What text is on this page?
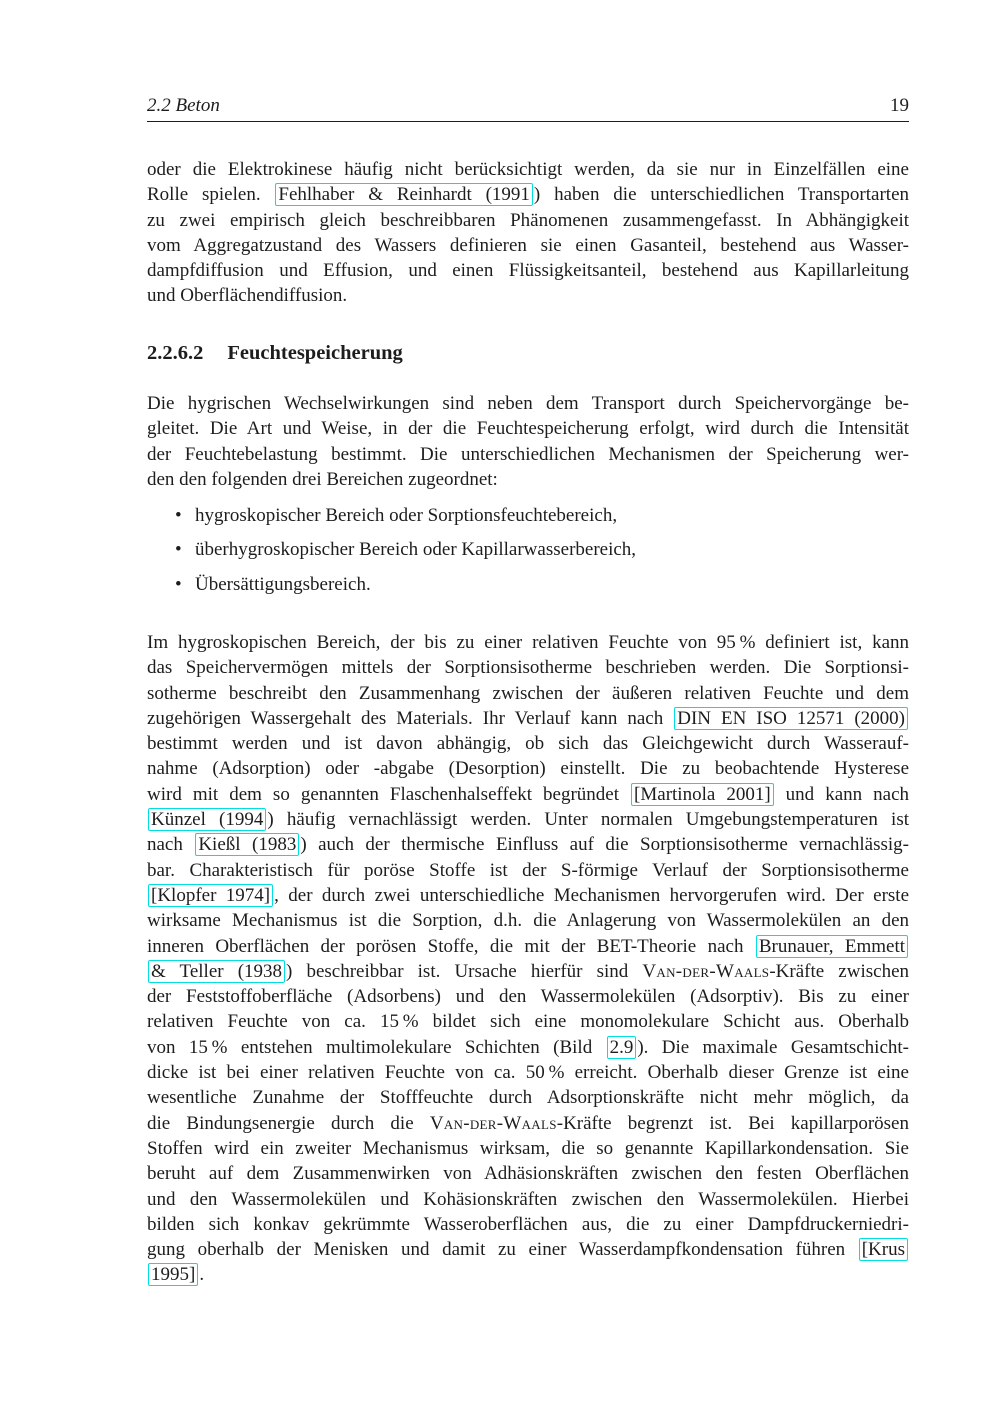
2.2 Beton	19
oder die Elektrokinese häufig nicht berücksichtigt werden, da sie nur in Einzelfällen eine
Rolle spielen. Fehlhaber & Reinhardt (1991 ) haben die unterschiedlichen Transportarten
zu zwei empirisch gleich beschreibbaren Phänomenen zusammengefasst. In Abhängigkeit
vom Aggregatzustand des Wassers definieren sie einen Gasanteil, bestehend aus Wasser-
dampfdiffusion und Effusion, und einen Flüssigkeitsanteil, bestehend aus Kapillarleitung
und Oberflächendiffusion.
2.2.6.2 Feuchtespeicherung
Die hygrischen Wechselwirkungen sind neben dem Transport durch Speichervorgänge be-
gleitet. Die Art und Weise, in der die Feuchtespeicherung erfolgt, wird durch die Intensität
der Feuchtebelastung bestimmt. Die unterschiedlichen Mechanismen der Speicherung wer-
den den folgenden drei Bereichen zugeordnet:
• hygroskopischer Bereich oder Sorptionsfeuchtebereich,
• überhygroskopischer Bereich oder Kapillarwasserbereich,
• Übersättigungsbereich.
Im hygroskopischen Bereich, der bis zu einer relativen Feuchte von 95 % definiert ist, kann
das Speichervermögen mittels der Sorptionsisotherme beschrieben werden. Die Sorptionsi-
sotherme beschreibt den Zusammenhang zwischen der äußeren relativen Feuchte und dem
zugehörigen Wassergehalt des Materials. Ihr Verlauf kann nach DIN EN ISO 12571 (2000)
bestimmt werden und ist davon abhängig, ob sich das Gleichgewicht durch Wasserauf-
nahme (Adsorption) oder -abgabe (Desorption) einstellt. Die zu beobachtende Hysterese
wird mit dem so genannten Flaschenhalseffekt begründet [Martinola 2001] und kann nach
Künzel (1994 ) häufig vernachlässigt werden. Unter normalen Umgebungstemperaturen ist
nach Kießl (1983 ) auch der thermische Einfluss auf die Sorptionsisotherme vernachlässig-
bar. Charakteristisch für poröse Stoffe ist der S-förmige Verlauf der Sorptionsisotherme
[Klopfer 1974] , der durch zwei unterschiedliche Mechanismen hervorgerufen wird. Der erste
wirksame Mechanismus ist die Sorption, d.h. die Anlagerung von Wassermolekülen an den
inneren Oberflächen der porösen Stoffe, die mit der BET-Theorie nach Brunauer, Emmett
& Teller (1938 ) beschreibbar ist. Ursache hierfür sind Van-der-Waals-Kräfte zwischen
der Feststoffoberfläche (Adsorbens) und den Wassermolekülen (Adsorptiv). Bis zu einer
relativen Feuchte von ca. 15 % bildet sich eine monomolekulare Schicht aus. Oberhalb
von 15 % entstehen multimolekulare Schichten (Bild 2.9 ). Die maximale Gesamtschicht-
dicke ist bei einer relativen Feuchte von ca. 50 % erreicht. Oberhalb dieser Grenze ist eine
wesentliche Zunahme der Stofffeuchte durch Adsorptionskräfte nicht mehr möglich, da
die Bindungsenergie durch die Van-der-Waals-Kräfte begrenzt ist. Bei kapillarporösen
Stoffen wird ein zweiter Mechanismus wirksam, die so genannte Kapillarkondensation. Sie
beruht auf dem Zusammenwirken von Adhäsionskräften zwischen den festen Oberflächen
und den Wassermolekülen und Kohäsionskräften zwischen den Wassermolekülen. Hierbei
bilden sich konkav gekrümmte Wasseroberflächen aus, die zu einer Dampfdruckerniedri-
gung oberhalb der Menisken und damit zu einer Wasserdampfkondensation führen [Krus
1995] .
